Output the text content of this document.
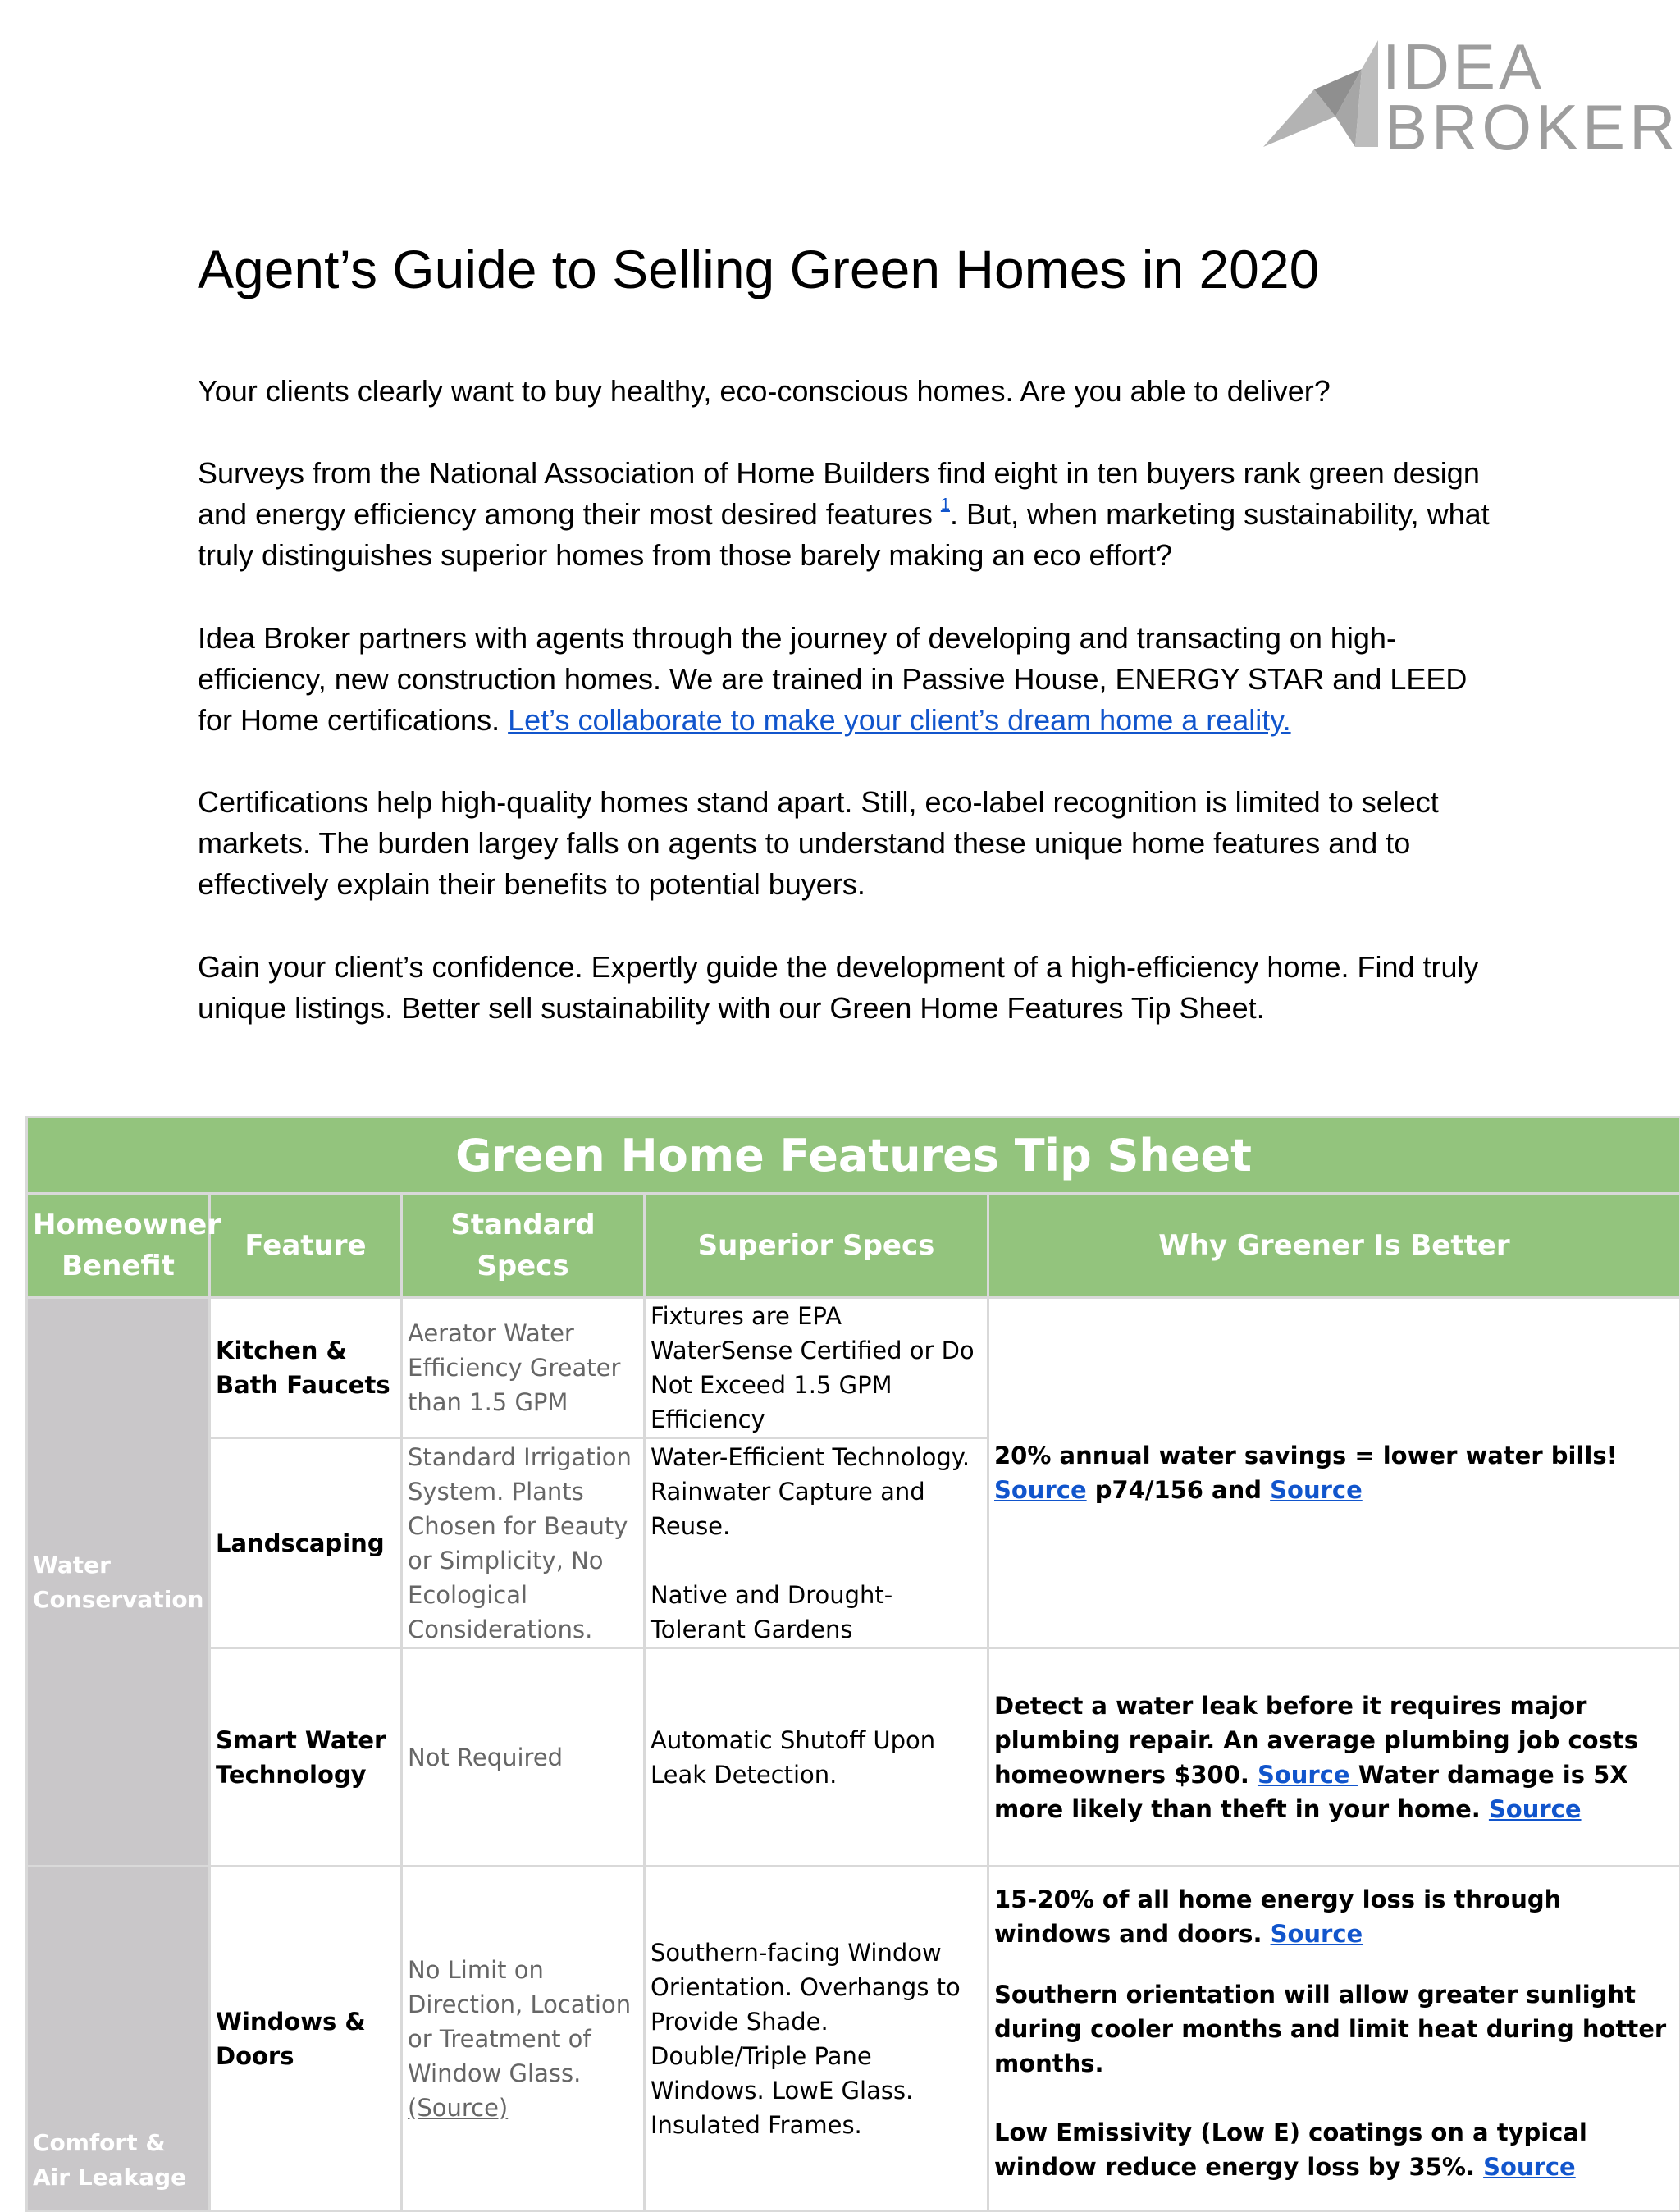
IDEA
BROKER
Agent’s Guide to Selling Green Homes in 2020

Your clients clearly want to buy healthy, eco-conscious homes. Are you able to deliver?

Surveys from the National Association of Home Builders find eight in ten buyers rank green design and energy efficiency among their most desired features $^1$. But, when marketing sustainability, what truly distinguishes superior homes from those barely making an eco effort?

Idea Broker partners with agents through the journey of developing and transacting on high-efficiency, new construction homes. We are trained in Passive House, ENERGY STAR and LEED for Home certifications. Let’s collaborate to make your client’s dream home a reality.

Certifications help high-quality homes stand apart. Still, eco-label recognition is limited to select markets. The burden largey falls on agents to understand these unique home features and to effectively explain their benefits to potential buyers.

Gain your client’s confidence. Expertly guide the development of a high-efficiency home. Find truly unique listings. Better sell sustainability with our Green Home Features Tip Sheet.

Green Home Features Tip Sheet				
Homeowner Benefit	Feature	Standard Specs	Superior Specs	Why Greener Is Better
Water Conservation	Kitchen & Bath Faucets	Aerator Water Efficiency Greater than 1.5 GPM	Fixtures are EPA WaterSense Certified or Do Not Exceed 1.5 GPM Efficiency	20% annual water savings = lower water bills!
Source p74/156 and Source
	Landscaping	Standard Irrigation System. Plants Chosen for Beauty or Simplicity, No Ecological Considerations.	Water-Efficient Technology. Rainwater Capture and Reuse.
Native and Drought-Tolerant Gardens	
	Smart Water Technology	Not Required	Automatic Shutoff Upon Leak Detection.	Detect a water leak before it requires major plumbing repair. An average plumbing job costs homeowners $300. Source Water damage is 5X more likely than theft in your home. Source
Comfort & Air Leakage	Windows & Doors	No Limit on Direction, Location or Treatment of Window Glass. (Source)	Southern-facing Window Orientation. Overhangs to Provide Shade. Double/Triple Pane Windows. LowE Glass. Insulated Frames.	15-20% of all home energy loss is through windows and doors. Source
Southern orientation will allow greater sunlight during cooler months and limit heat during hotter months.
Low Emissivity (Low E) coatings on a typical window reduce energy loss by 35%. Source
